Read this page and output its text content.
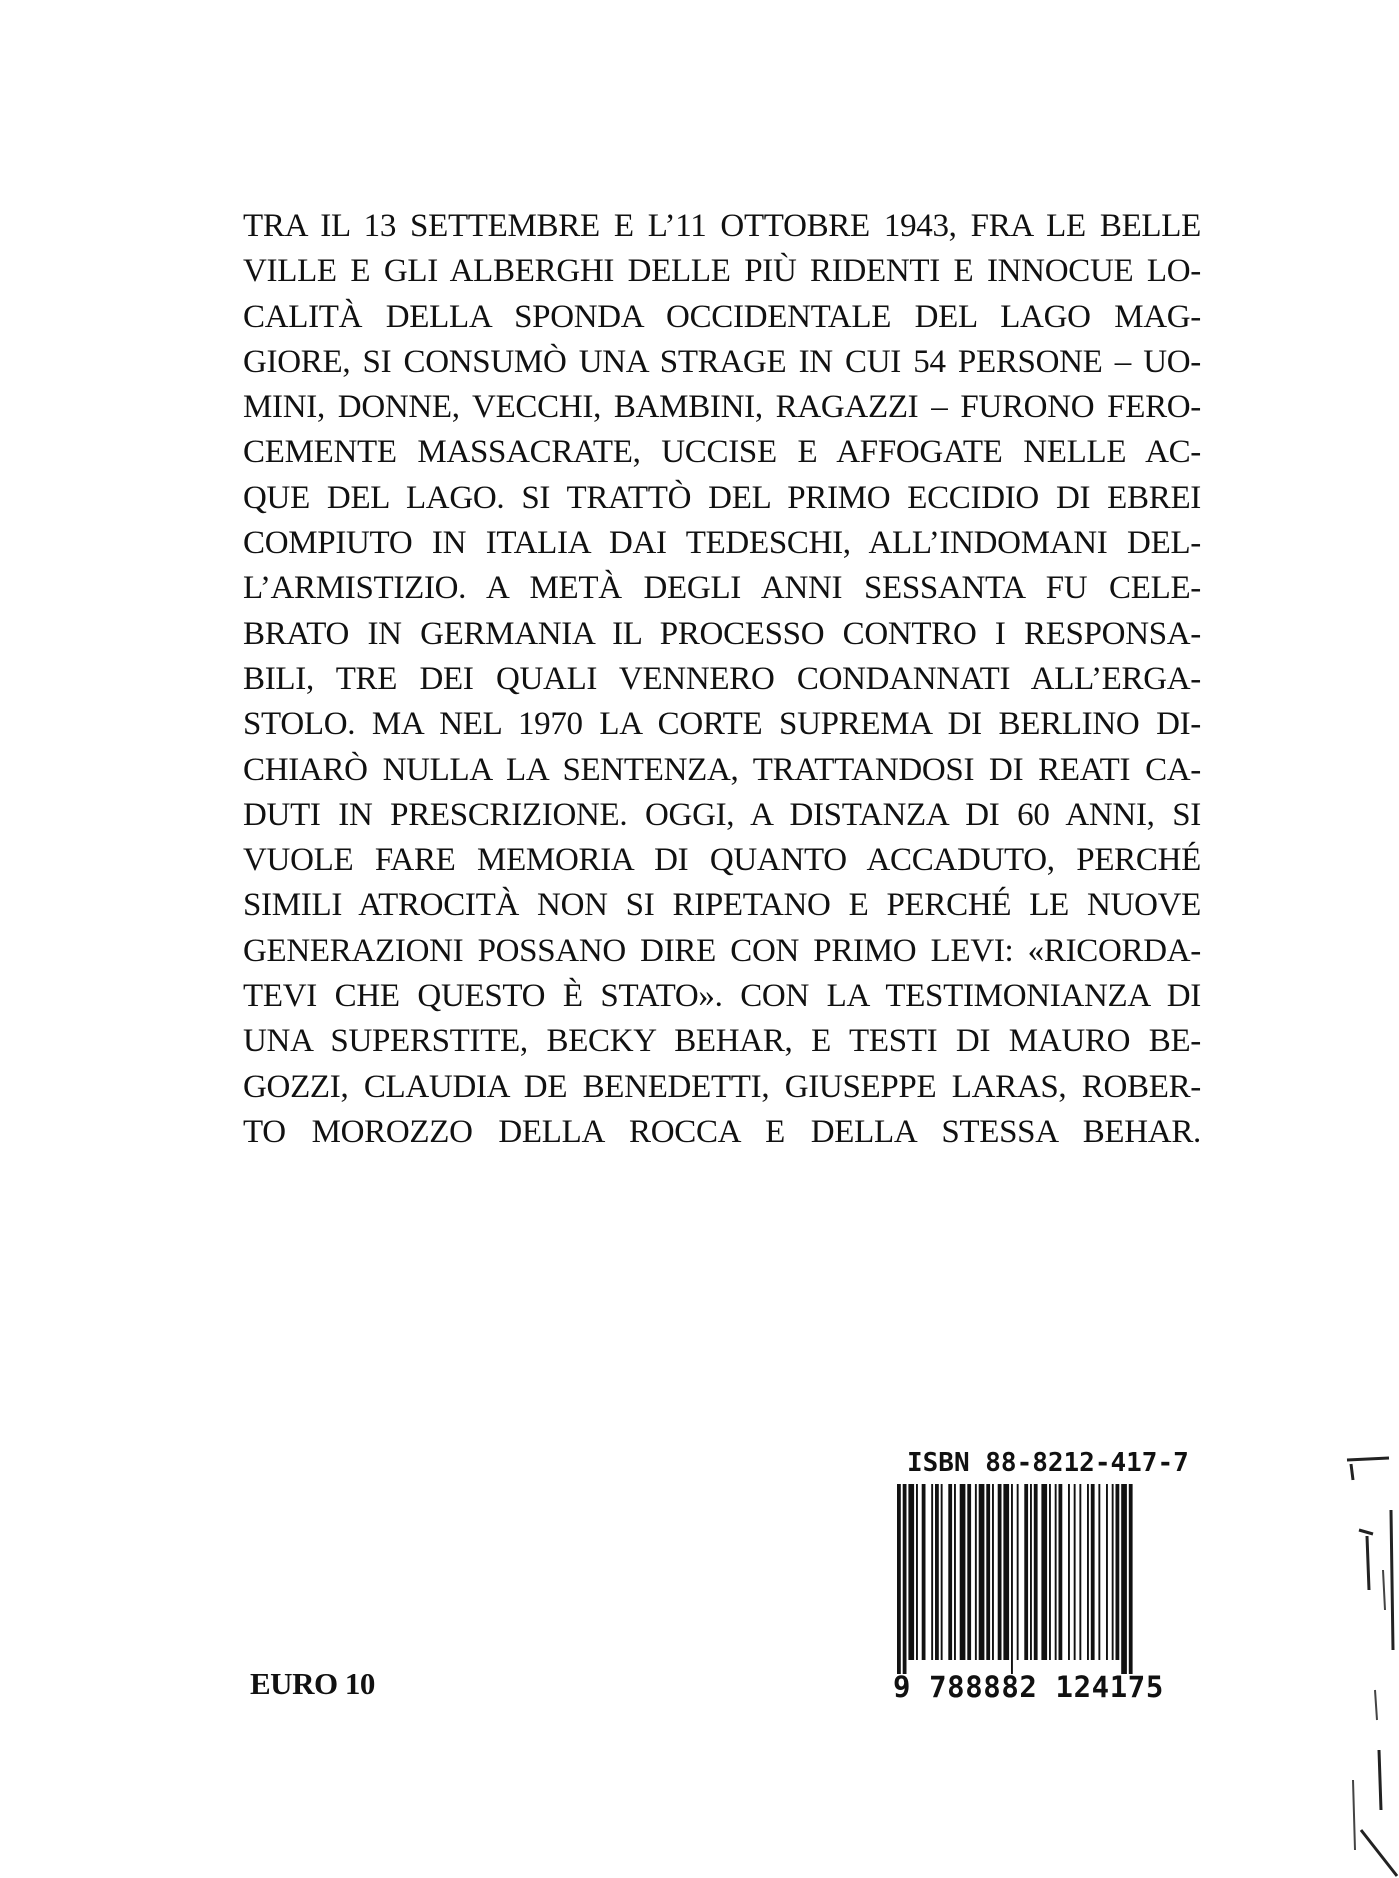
TRA IL 13 SETTEMBRE E L’11 OTTOBRE 1943, FRA LE BELLE
VILLE E GLI ALBERGHI DELLE PIÙ RIDENTI E INNOCUE LO-
CALITÀ DELLA SPONDA OCCIDENTALE DEL LAGO MAG-
GIORE, SI CONSUMÒ UNA STRAGE IN CUI 54 PERSONE – UO-
MINI, DONNE, VECCHI, BAMBINI, RAGAZZI – FURONO FERO-
CEMENTE MASSACRATE, UCCISE E AFFOGATE NELLE AC-
QUE DEL LAGO. SI TRATTÒ DEL PRIMO ECCIDIO DI EBREI
COMPIUTO IN ITALIA DAI TEDESCHI, ALL’INDOMANI DEL-
L’ARMISTIZIO. A METÀ DEGLI ANNI SESSANTA FU CELE-
BRATO IN GERMANIA IL PROCESSO CONTRO I RESPONSA-
BILI, TRE DEI QUALI VENNERO CONDANNATI ALL’ERGA-
STOLO. MA NEL 1970 LA CORTE SUPREMA DI BERLINO DI-
CHIARÒ NULLA LA SENTENZA, TRATTANDOSI DI REATI CA-
DUTI IN PRESCRIZIONE. OGGI, A DISTANZA DI 60 ANNI, SI
VUOLE FARE MEMORIA DI QUANTO ACCADUTO, PERCHÉ
SIMILI ATROCITÀ NON SI RIPETANO E PERCHÉ LE NUOVE
GENERAZIONI POSSANO DIRE CON PRIMO LEVI: «RICORDA-
TEVI CHE QUESTO È STATO». CON LA TESTIMONIANZA DI
UNA SUPERSTITE, BECKY BEHAR, E TESTI DI MAURO BE-
GOZZI, CLAUDIA DE BENEDETTI, GIUSEPPE LARAS, ROBER-
TO MOROZZO DELLA ROCCA E DELLA STESSA BEHAR.
EURO 10
ISBN 88-8212-417-7
9 788882 124175
